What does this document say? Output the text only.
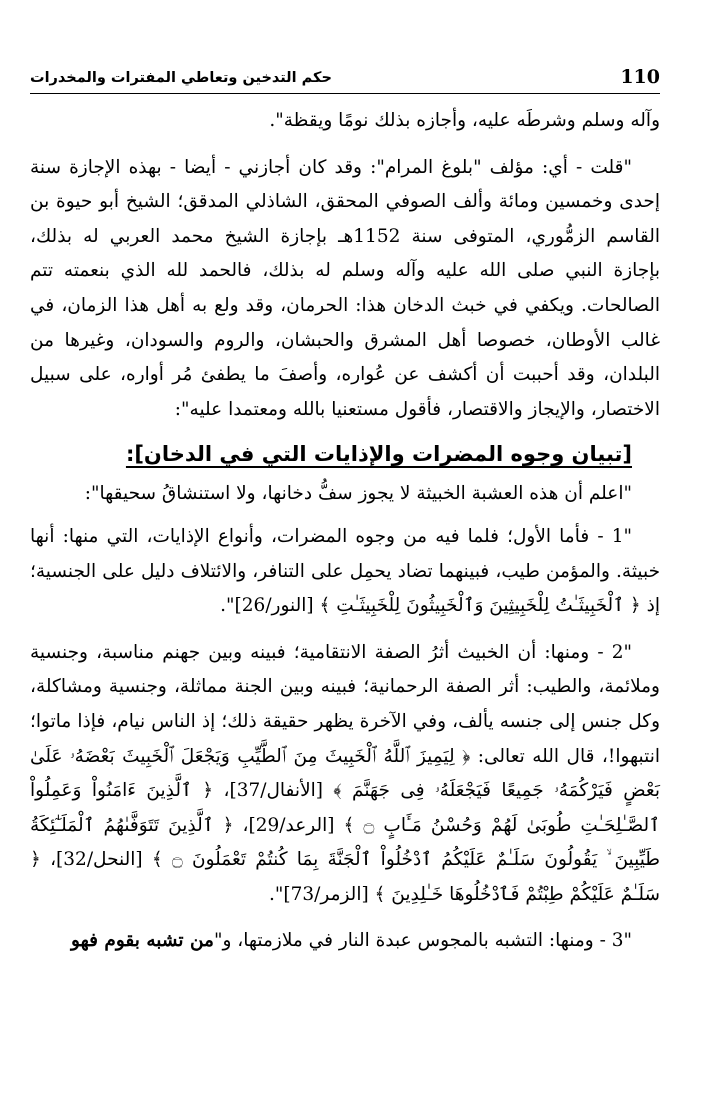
110
حكم التدخين وتعاطي المفترات والمخدرات

وآله وسلم وشرطَه عليه، وأجازه بذلك نومًا ويقظة".

"قلت - أي: مؤلف "بلوغ المرام": وقد كان أجازني - أيضا - بهذه الإجازة سنة إحدى وخمسين ومائة وألف الصوفي المحقق، الشاذلي المدقق؛ الشيخ أبو حيوة بن القاسم الزمُّوري، المتوفى سنة 1152هـ بإجازة الشيخ محمد العربي له بذلك، بإجازة النبي صلى الله عليه وآله وسلم له بذلك، فالحمد لله الذي بنعمته تتم الصالحات. ويكفي في خبث الدخان هذا: الحرمان، وقد ولع به أهل هذا الزمان، في غالب الأوطان، خصوصا أهل المشرق والحبشان، والروم والسودان، وغيرها من البلدان، وقد أحببت أن أكشف عن عُواره، وأصفَ ما يطفئ مُر أواره، على سبيل الاختصار، والإيجاز والاقتصار، فأقول مستعنيا بالله ومعتمدا عليه":

[تبيان وجوه المضرات والإذايات التي في الدخان]:

"اعلم أن هذه العشبة الخبيثة لا يجوز سفُّ دخانها، ولا استنشاقُ سحيقها":

"1 - فأما الأول؛ فلما فيه من وجوه المضرات، وأنواع الإذايات، التي منها: أنها خبيثة. والمؤمن طيب، فبينهما تضاد يحمِل على التنافر، والائتلاف دليل على الجنسية؛ إذ ﴿ ٱلْخَبِيثَـٰتُ لِلْخَبِيثِينَ وَٱلْخَبِيثُونَ لِلْخَبِيثَـٰتِ ﴾ [النور/26]".

"2 - ومنها: أن الخبيث أثرُ الصفة الانتقامية؛ فبينه وبين جهنم مناسبة، وجنسية وملائمة، والطيب: أثر الصفة الرحمانية؛ فبينه وبين الجنة مماثلة، وجنسية ومشاكلة، وكل جنس إلى جنسه يألف، وفي الآخرة يظهر حقيقة ذلك؛ إذ الناس نيام، فإذا ماتوا؛ انتبهوا!، قال الله تعالى: ﴿ لِيَمِيزَ ٱللَّهُ ٱلْخَبِيثَ مِنَ ٱلطَّيِّبِ وَيَجْعَلَ ٱلْخَبِيثَ بَعْضَهُۥ عَلَىٰ بَعْضٍ فَيَرْكُمَهُۥ جَمِيعًا فَيَجْعَلَهُۥ فِى جَهَنَّمَ ﴾ [الأنفال/37]، ﴿ ٱلَّذِينَ ءَامَنُواْ وَعَمِلُواْ ٱلصَّـٰلِحَـٰتِ طُوبَىٰ لَهُمْ وَحُسْنُ مَـَٔابٍ ۝ ﴾ [الرعد/29]، ﴿ ٱلَّذِينَ تَتَوَفَّىٰهُمُ ٱلْمَلَـٰٓئِكَةُ طَيِّبِينَ ۙ يَقُولُونَ سَلَـٰمٌ عَلَيْكُمُ ٱدْخُلُواْ ٱلْجَنَّةَ بِمَا كُنتُمْ تَعْمَلُونَ ۝ ﴾ [النحل/32]، ﴿ سَلَـٰمٌ عَلَيْكُمْ طِبْتُمْ فَٱدْخُلُوهَا خَـٰلِدِينَ ﴾ [الزمر/73]".

"3 - ومنها: التشبه بالمجوس عبدة النار في ملازمتها، و"من تشبه بقوم فهو
